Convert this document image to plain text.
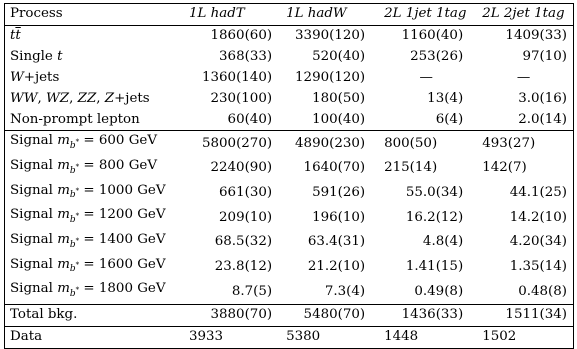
Process	1L hadT	1L hadW	2L 1jet 1tag	2L 2jet 1tag
$t\overline{t}$	1860(60)	3390(120)	1160(40)	1409(33)
Single t	368(33)	520(40)	253(26)	97(10)
W+jets	1360(140)	1290(120)	—	—
WW, WZ, ZZ, Z+jets	230(100)	180(50)	13(4)	3.0(16)
Non-prompt lepton	60(40)	100(40)	6(4)	2.0(14)
Signal $m_{b^*} = 600$ GeV	5800(270)	4890(230)	800(50)	493(27)
Signal $m_{b^*} = 800$ GeV	2240(90)	1640(70)	215(14)	142(7)
Signal $m_{b^*} = 1000$ GeV	661(30)	591(26)	55.0(34)	44.1(25)
Signal $m_{b^*} = 1200$ GeV	209(10)	196(10)	16.2(12)	14.2(10)
Signal $m_{b^*} = 1400$ GeV	68.5(32)	63.4(31)	4.8(4)	4.20(34)
Signal $m_{b^*} = 1600$ GeV	23.8(12)	21.2(10)	1.41(15)	1.35(14)
Signal $m_{b^*} = 1800$ GeV	8.7(5)	7.3(4)	0.49(8)	0.48(8)
Total bkg.	3880(70)	5480(70)	1436(33)	1511(34)
Data	3933	5380	1448	1502
